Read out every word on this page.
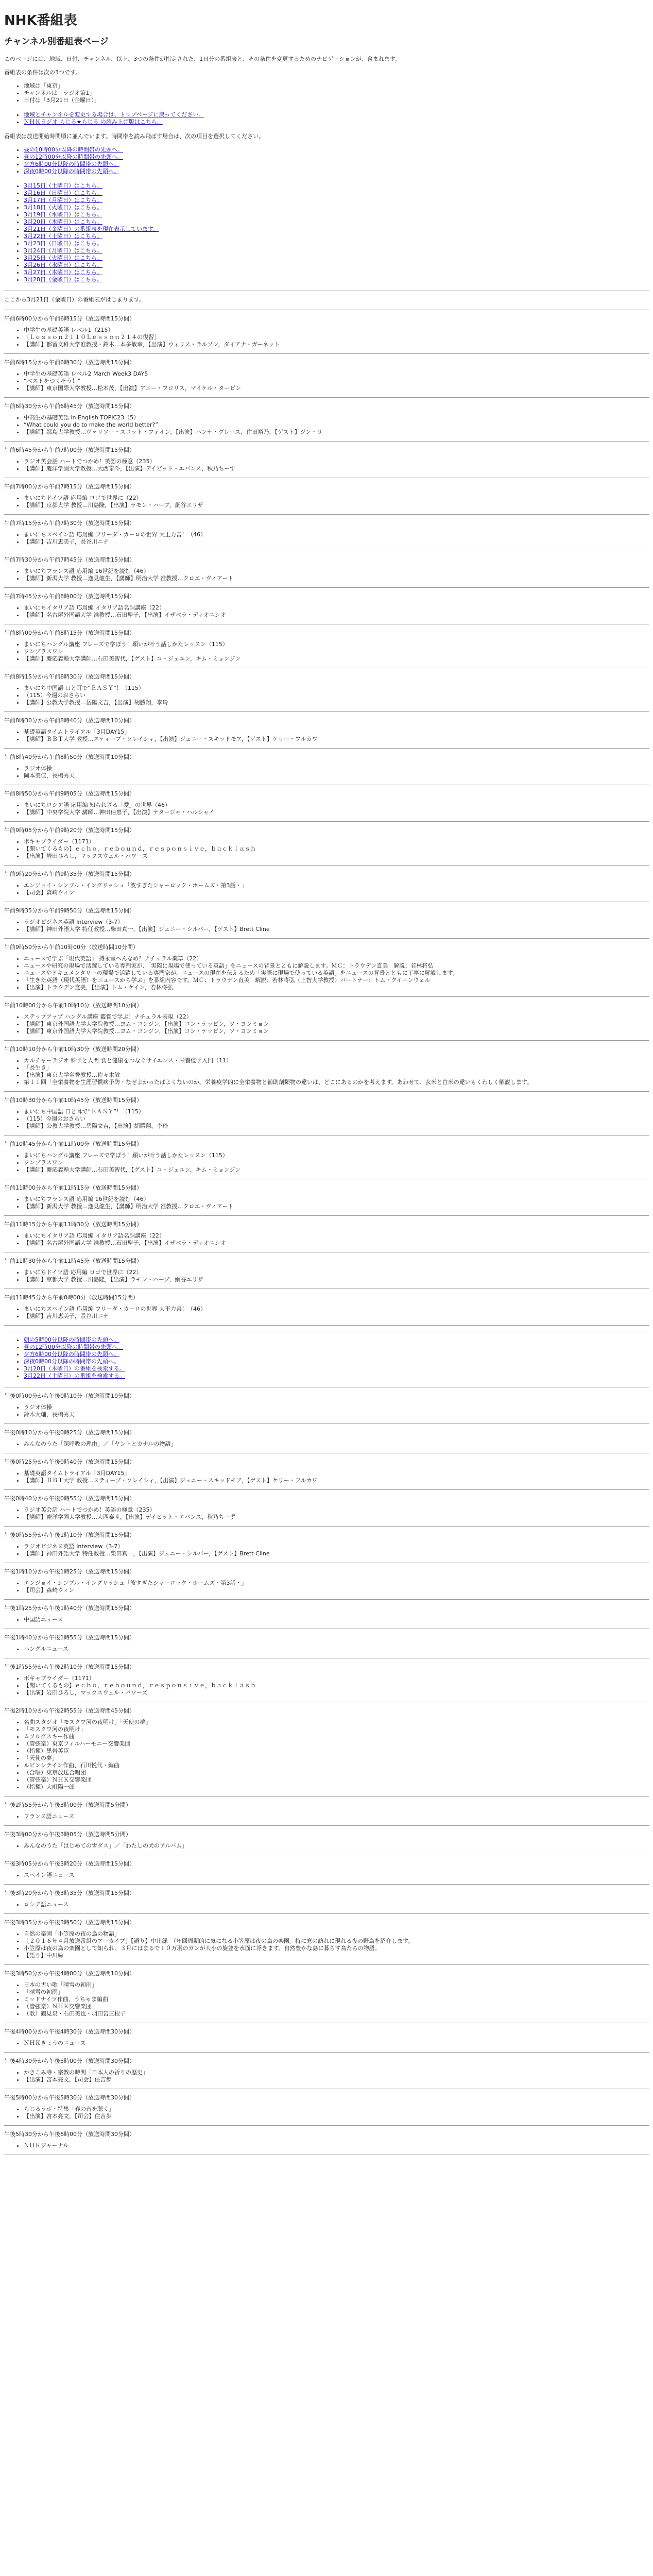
NHK番組表
チャンネル別番組表ページ

このページには、地域、日付、チャンネル、以上、3つの条件が指定された、1日分の番組表と、その条件を変更するためのナビゲーションが、含まれます。

番組表の条件は次の3つです。

• 地域は「東京」
• チャンネルは「ラジオ第1」
• 日付は「3月21日（金曜日）」
• 地域とチャンネルを変更する場合は、トップページに戻ってください。
• ＮＨＫラジオ らじる★らじる の読み上げ版はこちら。

番組表は放送開始時間順に並んでいます。時間帯を読み飛ばす場合は、次の項目を選択してください。

• 昼の10時00分以降の時間帯の先頭へ。
• 昼の12時00分以降の時間帯の先頭へ。
• 夕方6時00分以降の時間帯の先頭へ。
• 深夜0時00分以降の時間帯の先頭へ。
• 3月15日（土曜日）はこちら。
• 3月16日（日曜日）はこちら。
• 3月17日（月曜日）はこちら。
• 3月18日（火曜日）はこちら。
• 3月19日（水曜日）はこちら。
• 3月20日（木曜日）はこちら。
• 3月21日（金曜日）の番組表を現在表示しています。
• 3月22日（土曜日）はこちら。
• 3月23日（日曜日）はこちら。
• 3月24日（月曜日）はこちら。
• 3月25日（火曜日）はこちら。
• 3月26日（水曜日）はこちら。
• 3月27日（木曜日）はこちら。
• 3月28日（金曜日）はこちら。

ここから3月21日（金曜日）の番組表がはじまります。

午前6時00分から午前6時15分（放送時間15分間）

• 中学生の基礎英語 レベル1（215）
• ［Ｌｅｓｓｏｎ２１１０Ｌｅｓｓｏｎ２１４の復習］
• 【講師】都留文科大学准教授・鈴木…本多敏幸，【出演】ウィリス・ラルソン，ダイアナ・ガーネット

午前6時15分から午前6時30分（放送時間15分間）

• 中学生の基礎英語 レベル2 March Week3 DAY5
• “ベストをつくそう！”
• 【講師】東京国際大学教授…松本茂，【出演】アニー・フロリス，マイケル・ターピン

午前6時30分から午前6時45分（放送時間15分間）

• 中高生の基礎英語 in English TOPIC23（5）
• “What could you do to make the world better?”
• 【講師】都島大学教授…ヴァリソー・スコット・フォイン，【出演】ハンナ・グレース，住田裕乃，【ゲスト】ジン・リ

午前6時45分から午前7時00分（放送時間15分間）

• ラジオ英会話 ハートでつかめ！英語の極意（235）
• 【講師】慶洋学園大学教授…大西泰斗，【出演】デイビット・エバンス，秋乃ちーず

午前7時00分から午前7時15分（放送時間15分間）

• まいにちドイツ語 応用編 ロゴで世界に（22）
• 【講師】京都大学 教授…川島隆，【出演】ラモン・ハーブ，網谷エリザ

午前7時15分から午前7時30分（放送時間15分間）

• まいにちスペイン語 応用編 フリーダ・カーロの世界 大王力善！（46）
• 【講師】吉川恵美子，長谷川ニナ

午前7時30分から午前7時45分（放送時間15分間）

• まいにちフランス語 応用編 16世紀を読む（46）
• 【講師】新潟大学 教授…逸見龍生，【講師】明治大学 准教授…クロエ・ヴィアート

午前7時45分から午前8時00分（放送時間15分間）

• まいにちイタリア語 応用編 イタリア語名詞講座（22）
• 【講師】名古屋外国語大学 准教授…石田聖子，【出演】イザベラ・ディオニシオ

午前8時00分から午前8時15分（放送時間15分間）

• まいにちハングル講座 フレーズで学ぼう！願いが叶う話しかたレッスン（115）
• ワンプラスワン
• 【講師】慶応義塾大学講師…石田美智代，【ゲスト】コ・ジェユン，キム・ミョンジン

午前8時15分から午前8時30分（放送時間15分間）

• まいにち中国語 口と耳で“ＥＡＳＹ”！（115）
• （115）今週のおさらい
• 【講師】公教大学教授…岳陽文吉，【出演】胡勝翔，李玲

午前8時30分から午前8時40分（放送時間10分間）

• 基礎英語タイムトライアル「3月DAY15」
• 【講師】ＢＢＴ大学 教授…スティーブ・ソレイシィ，【出演】ジェニー・スキッドモア，【ゲスト】ケリー・フルカワ

午前8時40分から午前8時50分（放送時間10分間）

• ラジオ体操
• 岡本美佳，長橋秀夫

午前8時50分から午前9時05分（放送時間15分間）

• まいにちロシア語 応用編 知られざる「愛」の世界（46）
• 【講師】中央学院大学 講師…神田信恵子，【出演】ナタージャ・ハルシャイ

午前9時05分から午前9時20分（放送時間15分間）

• ボキャブライダー（1171）
• 【聞いてくるもの】ｅｃｈｏ，ｒｅｂｏｕｎｄ，ｒｅｓｐｏｎｓｉｖｅ，ｂａｃｋｌａｓｈ
• 【出演】岩田ひろし，マックスウェル・パワーズ

午前9時20分から午前9時35分（放送時間15分間）

• エンジョイ・シンプル・イングリッシュ「波すぎたシャーロック・ホームズ・第3話・」
• 【司会】森崎ウィン

午前9時35分から午前9時50分（放送時間15分間）

• ラジオビジネス英語 Interview（3-7）
• 【講師】神田外語大学 特任教授…柴田真一，【出演】ジェニー・シルバー，【ゲスト】Brett Cline

午前9時50分から午前10時00分（放送時間10分間）

• ニュースで学ぶ「現代英語」 持永堂へんなめ？ナチュラル薬草（22）
• ニュースや研究の現場で活躍している専門家が、「実際に現場で使っている英語」をニュースの背景とともに解説します。ＭＣ：トラウデン直美　解説：若林将弘
• ニュースやドキュメンタリーの現場で活躍している専門家が、ニュースの現在を伝えるため「実際に現場で使っている英語」をニュースの背景とともに丁寧に解説します。
• 「生きた英語（現代英語）をニュースから学ぶ」を番組内容です。ＭＣ：トラウデン直美　解説：若林将弘（上智大学教授）パートナー：トム・クイーンウェル
• 【出演】トラウデン直美，【出演】トム・ケイン，若林将弘

午前10時00分から午前10時10分（放送時間10分間）

• ステップアップ ハングル講座 鑑賞で学ぶ！ナチュラル表現（22）
• 【講師】東京外国語大学大学院教授…ヨム・コンジン，【出演】コン・テッピン，ソ・ヨンミョン
• 【講師】東京外国語大学大学院教授…ヨム・コンジン，【出演】コン・テッピン，ソ・ヨンミョン

午前10時10分から午前10時30分（放送時間20分間）

• カルチャーラジオ 科学と人間 食と健康をつなぐサイエンス・栄養疫学入門（11）
• 「長生き」
• 【出演】東京大学名誉教授…佐々木敏
• 第１１回「全栄養物を生涯習慣病予防・なぜよかったばよくないのか。栄養疫学的に全栄養物と補助剤類物の違いは、どこにあるのかを考えます。あわせて、玄米と白米の違いもくわしく解説します。

午前10時30分から午前10時45分（放送時間15分間）

• まいにち中国語 口と耳で“ＥＡＳＹ”！（115）
• （115）今週のおさらい
• 【講師】公教大学教授…岳陽文吉，【出演】胡勝翔，李玲

午前10時45分から午前11時00分（放送時間15分間）

• まいにちハングル講座 フレーズで学ぼう！願いが叶う話しかたレッスン（115）
• ワンプラスワン
• 【講師】慶応義塾大学講師…石田美智代，【ゲスト】コ・ジェユン，キム・ミョンジン

午前11時00分から午前11時15分（放送時間15分間）

• まいにちフランス語 応用編 16世紀を読む（46）
• 【講師】新潟大学 教授…逸見龍生，【講師】明治大学 准教授…クロエ・ヴィアート

午前11時15分から午前11時30分（放送時間15分間）

• まいにちイタリア語 応用編 イタリア語名詞講座（22）
• 【講師】名古屋外国語大学 准教授…石田聖子，【出演】イザベラ・ディオニシオ

午前11時30分から午前11時45分（放送時間15分間）

• まいにちドイツ語 応用編 ロゴで世界に（22）
• 【講師】京都大学 教授…川島隆，【出演】ラモン・ハーブ，網谷エリザ

午前11時45分から午前0時00分（放送時間15分間）

• まいにちスペイン語 応用編 フリーダ・カーロの世界 大王力善！（46）
• 【講師】吉川恵美子，長谷川ニナ
• 朝の5時00分以降の時間帯の先頭へ。
• 昼の12時00分以降の時間帯の先頭へ。
• 夕方6時00分以降の時間帯の先頭へ。
• 深夜0時00分以降の時間帯の先頭へ。
• 3月20日（木曜日）の番組を検索する。
• 3月22日（土曜日）の番組を検索する。

午後0時00分から午後0時10分（放送時間10分間）

• ラジオ体操
• 鈴木大輔，長橋秀夫

午後0時10分から午後0時25分（放送時間15分間）

• みんなのうた「深呼吸の理由」／「ヤントとカナルの物語」

午後0時25分から午後0時40分（放送時間15分間）

• 基礎英語タイムトライアル「3月DAY15」
• 【講師】ＢＢＴ大学 教授…スティーブ・ソレイシィ，【出演】ジェニー・スキッドモア，【ゲスト】ケリー・フルカワ

午後0時40分から午後0時55分（放送時間15分間）

• ラジオ英会話 ハートでつかめ！英語の極意（235）
• 【講師】慶洋学園大学教授…大西泰斗，【出演】デイビット・エバンス，秋乃ちーず

午後0時55分から午後1時10分（放送時間15分間）

• ラジオビジネス英語 Interview（3-7）
• 【講師】神田外語大学 特任教授…柴田真一，【出演】ジェニー・シルバー，【ゲスト】Brett Cline

午後1時10分から午後1時25分（放送時間15分間）

• エンジョイ・シンプル・イングリッシュ「波すぎたシャーロック・ホームズ・第3話・」
• 【司会】森崎ウィン

午後1時25分から午後1時40分（放送時間15分間）

• 中国語ニュース

午後1時40分から午後1時55分（放送時間15分間）

• ハングルニュース

午後1時55分から午後2時10分（放送時間15分間）

• ボキャブライダー（1171）
• 【聞いてくるもの】ｅｃｈｏ，ｒｅｂｏｕｎｄ，ｒｅｓｐｏｎｓｉｖｅ，ｂａｃｋｌａｓｈ
• 【出演】岩田ひろし，マックスウェル・パワーズ

午後2時10分から午後2時55分（放送時間45分間）

• 名曲スタジオ「モスクワ河の夜明け」「天使の夢」
• 「モスクワ河の夜明け」
• ムソルグスキー作曲
• （管弦楽）東京フィルハーモニー交響楽団
• （指揮）黒岩英臣
• 「天使の夢」
• ルビンシテイン作曲、石川悦代・編曲
• （合唱）東京放送合唱団
• （管弦楽）ＮＨＫ交響楽団
• （指揮）大町陽一郎

午後2時55分から午後3時00分（放送時間5分間）

• フランス語ニュース

午後3時00分から午後3時05分（放送時間5分間）

• みんなのうた「はじめての雪ダス」／「わたしの犬のアルバム」

午後3時05分から午後3時20分（放送時間15分間）

• スペイン語ニュース

午後3時20分から午後3時35分（放送時間15分間）

• ロシア語ニュース

午後3時35分から午後3時50分（放送時間15分間）

• 自然の楽園「小笠原の夜の鳥の物語」
• ［２０１６年４月放送番組のアーカイブ］【語り】中川緑　（年回周期的に気になる小笠原は夜の鳥の楽園。特に寒の訪れに現れる夜の野鳥を紹介します。
• 小笠原は夜の鳥の楽園として知られ、３月にはまるで１０万羽のガンが大小の旋並を水面に浮きます。自然豊かな島に暮らす鳥たちの物語。
• 【語り】中川緑

午後3時50分から午後4時00分（放送時間10分間）

• 日本の古い歌「晴雪の初雨」
• 「晴雪の初雨」
• ミッドナイツ作曲、うちゃま編曲
• （管弦楽）ＮＨＫ交響楽団
• （歌）鶴見泉・石田美也・羽田宮三根子

午後4時00分から午後4時30分（放送時間30分間）

• ＮＨＫきょうのニュース

午後4時30分から午後5時00分（放送時間30分間）

• かきこみ寺・宗教の時間「日本人の祈りの歴史」
• 【出演】宮本亮文，【司会】住吉歩

午後5時00分から午後5時30分（放送時間30分間）

• らじるラボ・特集「春の音を聴く」
• 【出演】宮本亮文，【司会】住吉歩

午後5時30分から午後6時00分（放送時間30分間）

• ＮＨＫジャーナル
